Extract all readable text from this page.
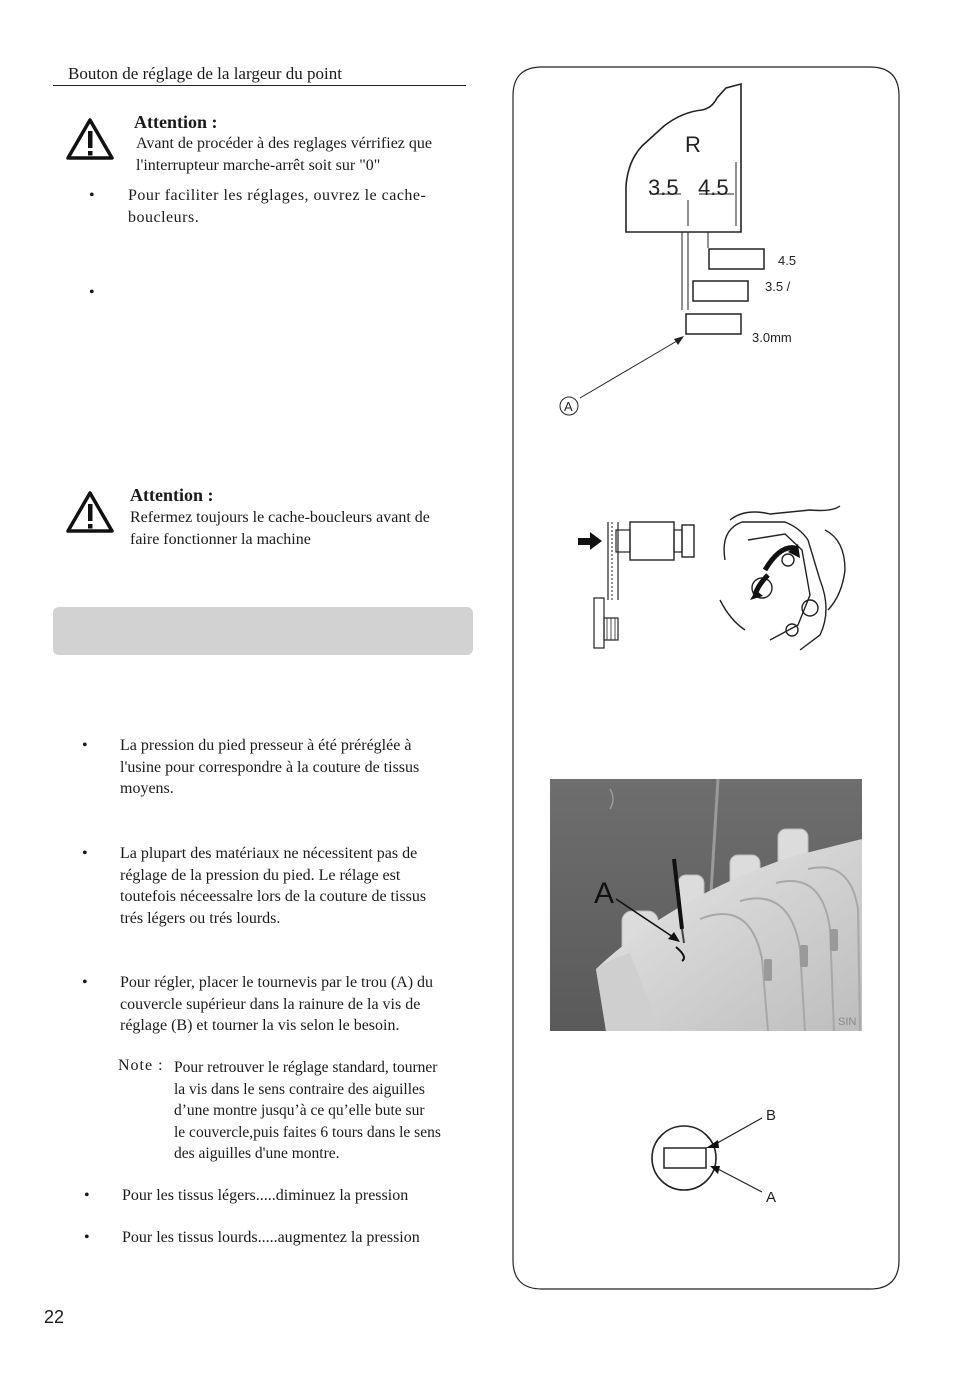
Bouton de réglage de la largeur du point
Attention :
Avant de procéder à des reglages vérrifiez que
l'interrupteur marche-arrêt soit sur "0"
• Pour faciliter les réglages, ouvrez le cache-
boucleurs.
•
Attention :
Refermez toujours le cache-boucleurs avant de
faire fonctionner la machine
• La pression du pied presseur à été préréglée à
l'usine pour correspondre à la couture de tissus
moyens.
• La plupart des matériaux ne nécessitent pas de
réglage de la pression du pied. Le rélage est
toutefois néceessalre lors de la couture de tissus
trés légers ou trés lourds.
• Pour régler, placer le tournevis par le trou (A) du
couvercle supérieur dans la rainure de la vis de
réglage (B) et tourner la vis selon le besoin.
Note : Pour retrouver le réglage standard, tourner
la vis dans le sens contraire des aiguilles
d’une montre jusqu’à ce qu’elle bute sur
le couvercle,puis faites 6 tours dans le sens
des aiguilles d'une montre.
• Pour les tissus légers.....diminuez la pression
• Pour les tissus lourds.....augmentez la pression
22
R
3.5 4.5
4.5
3.5 /
3.0mm
A
A
SIN
B
A
